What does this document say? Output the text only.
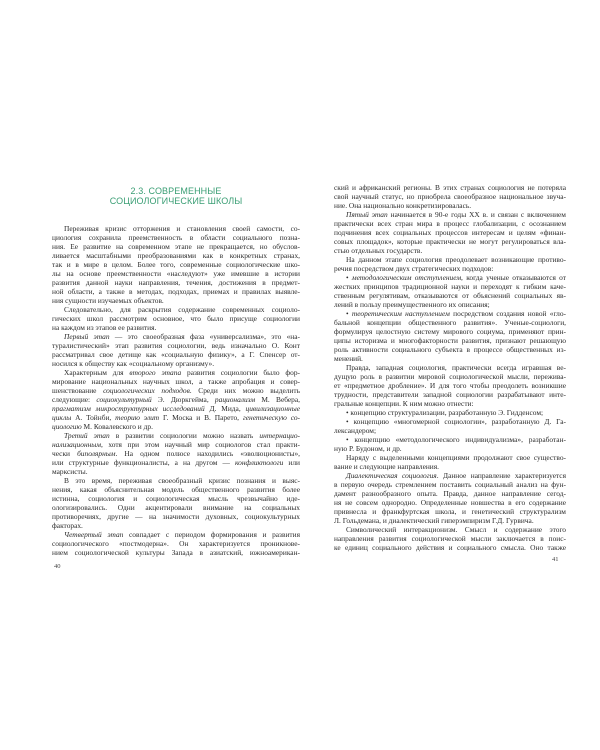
2.3. СОВРЕМЕННЫЕ
СОЦИОЛОГИЧЕСКИЕ ШКОЛЫ
Переживая кризис отторжения и становления своей самости, со-
циология сохранила преемственность в области социального позна-
ния. Ее развитие на современном этапе не прекращается, но обуслов-
ливается масштабными преобразованиями как в конкретных странах,
так и в мире в целом. Более того, современные социологические шко-
лы на основе преемственности «наследуют» уже имевшие в истории
развития данной науки направления, течения, достижения в предмет-
ной области, а также в методах, подходах, приемах и правилах выявле-
ния сущности изучаемых объектов.
Следовательно, для раскрытия содержание современных социоло-
гических школ рассмотрим основное, что было присуще социологии
на каждом из этапов ее развития.
Первый этап — это своеобразная фаза «универсализма», это «на-
туралистический» этап развития социологии, ведь изначально О. Конт
рассматривал свое детище как «социальную физику», а Г. Спенсер от-
носился к обществу как «социальному организму».
Характерным для второго этапа развития социологии было фор-
мирование национальных научных школ, а также апробация и совер-
шенствование социологических подходов. Среди них можно выделить
следующие: социокультурный Э. Дюркгейма, рационализм М. Вебера,
прагматизм микроструктурных исследований Д. Мида, цивилизационные
циклы А. Тойнби, теорию элит Г. Моска и В. Парето, генетическую со-
циологию М. Ковалевского и др.
Третий этап в развитии социологии можно назвать интернацио-
нализационным, хотя при этом научный мир социологов стал практи-
чески биполярным. На одном полюсе находились «эволюционисты»,
или структурные функционалисты, а на другом — конфликтологи или
марксисты.
В это время, переживая своеобразный кризис познания и выяс-
нения, какая объяснительная модель общественного развития более
истинна, социология и социологическая мысль чрезвычайно иде-
ологизировались. Одни акцентировали внимание на социальных
противоречиях, другие — на значимости духовных, социокультурных
факторах.
Четвертый этап совпадает с периодом формирования и развития
социологического «постмодерна». Он характеризуется проникнове-
нием социологической культуры Запада в азиатский, южноамерикан-
40
ский и африканский регионы. В этих странах социология не потеряла
свой научный статус, но приобрела своеобразное национальное звуча-
ние. Она национально конкретизировалась.
Пятый этап начинается в 90-е годы XX в. и связан с включением
практически всех стран мира в процесс глобализации, с осознанием
подчинения всех социальных процессов интересам и целям «финан-
совых площадок», которые практически не могут регулироваться вла-
стью отдельных государств.
На данном этапе социология преодолевает возникающие противо-
речия посредством двух стратегических подходов:
• методологическим отступлением, когда ученые отказываются от
жестких принципов традиционной науки и переходят к гибким каче-
ственным регулятивам, отказываются от объяснений социальных яв-
лений в пользу преимущественного их описания;
• теоретическим наступлением посредством создания новой «гло-
бальной концепции общественного развития». Ученые-социологи,
формулируя целостную систему мирового социума, применяют прин-
ципы историзма и многофакторности развития, признают решающую
роль активности социального субъекта в процессе общественных из-
менений.
Правда, западная социология, практически всегда игравшая ве-
дущую роль в развитии мировой социологической мысли, пережива-
ет «предметное дробление». И для того чтобы преодолеть возникшие
трудности, представители западной социологии разрабатывают инте-
гральные концепции. К ним можно отнести:
• концепцию структурализации, разработанную Э. Гидденсом;
• концепцию «многомерной социологии», разработанную Д. Га-
лександером;
• концепцию «методологического индивидуализма», разработан-
ную Р. Будоном, и др.
Наряду с выделенными концепциями продолжают свое существо-
вание и следующие направления.
Диалектическая социология. Данное направление характеризуется
в первую очередь стремлением поставить социальный анализ на фун-
дамент разнообразного опыта. Правда, данное направление сегод-
ня не совсем однородно. Определенные новшества в его содержание
привнесла и франкфуртская школа, и генетический структурализм
Л. Гольдемана, и диалектический гиперэмпиризм Г.Д. Гурвича.
Символический интеракционизм. Смысл и содержание этого
направления развития социологической мысли заключается в поис-
ке единиц социального действия и социального смысла. Оно также
41
